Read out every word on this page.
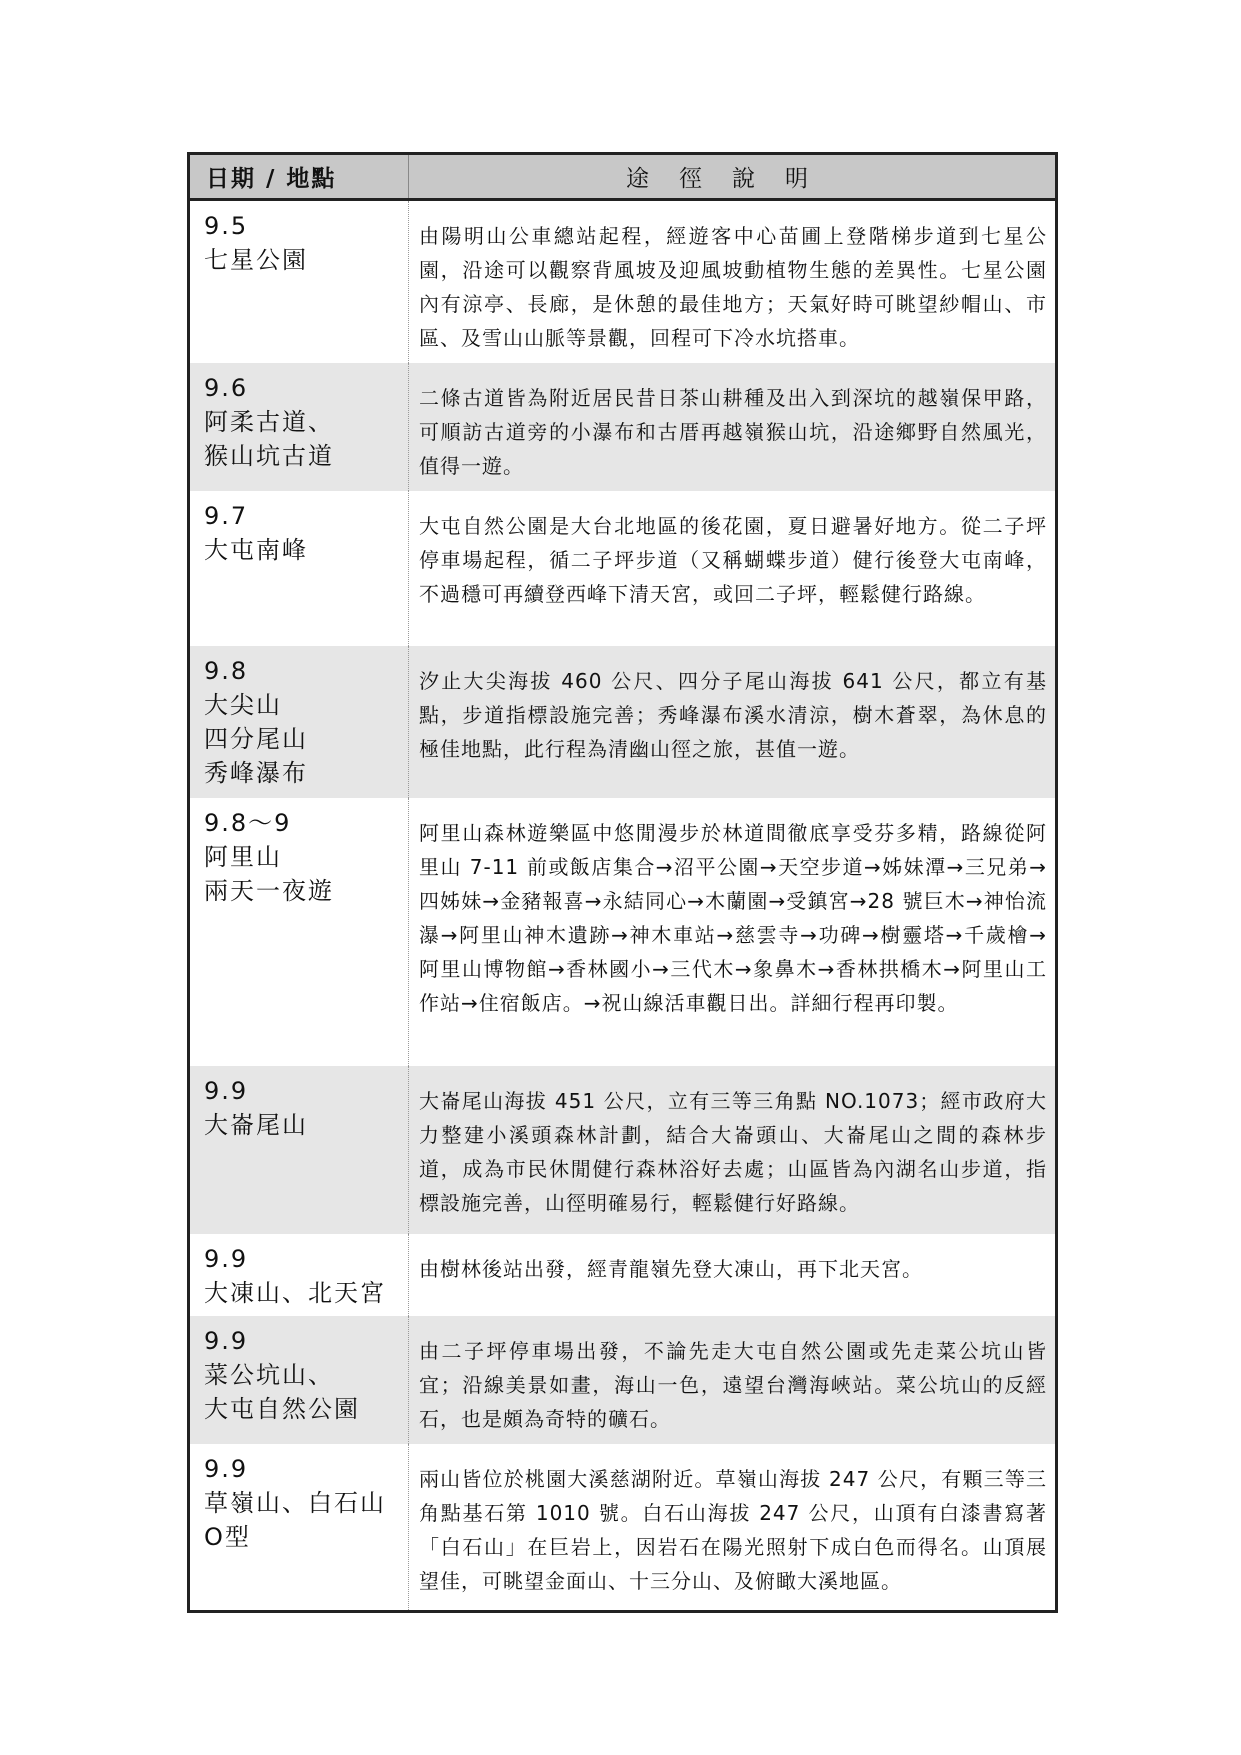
日期 / 地點	途徑說明

9.5
七星公園	由陽明山公車總站起程，經遊客中心苗圃上登階梯步道到七星公園，沿途可以觀察背風坡及迎風坡動植物生態的差異性。七星公園內有涼亭、長廊，是休憩的最佳地方；天氣好時可眺望紗帽山、市區、及雪山山脈等景觀，回程可下冷水坑搭車。

9.6
阿柔古道、
猴山坑古道	二條古道皆為附近居民昔日茶山耕種及出入到深坑的越嶺保甲路，可順訪古道旁的小瀑布和古厝再越嶺猴山坑，沿途鄉野自然風光，值得一遊。

9.7
大屯南峰	大屯自然公園是大台北地區的後花園，夏日避暑好地方。從二子坪停車場起程，循二子坪步道（又稱蝴蝶步道）健行後登大屯南峰，不過穩可再續登西峰下清天宮，或回二子坪，輕鬆健行路線。

9.8
大尖山
四分尾山
秀峰瀑布	汐止大尖海拔 460 公尺、四分子尾山海拔 641 公尺，都立有基點，步道指標設施完善；秀峰瀑布溪水清涼，樹木蒼翠，為休息的極佳地點，此行程為清幽山徑之旅，甚值一遊。

9.8～9
阿里山
兩天一夜遊	阿里山森林遊樂區中悠閒漫步於林道間徹底享受芬多精，路線從阿里山 7-11 前或飯店集合→沼平公園→天空步道→姊妹潭→三兄弟→四姊妹→金豬報喜→永結同心→木蘭園→受鎮宮→28 號巨木→神怡流瀑→阿里山神木遺跡→神木車站→慈雲寺→功碑→樹靈塔→千歲檜→阿里山博物館→香林國小→三代木→象鼻木→香林拱橋木→阿里山工作站→住宿飯店。→祝山線活車觀日出。詳細行程再印製。

9.9
大崙尾山	大崙尾山海拔 451 公尺，立有三等三角點 NO.1073；經市政府大力整建小溪頭森林計劃，結合大崙頭山、大崙尾山之間的森林步道，成為市民休閒健行森林浴好去處；山區皆為內湖名山步道，指標設施完善，山徑明確易行，輕鬆健行好路線。

9.9
大凍山、北天宮	由樹林後站出發，經青龍嶺先登大凍山，再下北天宮。

9.9
菜公坑山、
大屯自然公園	由二子坪停車場出發，不論先走大屯自然公園或先走菜公坑山皆宜；沿線美景如畫，海山一色，遠望台灣海峽站。菜公坑山的反經石，也是頗為奇特的礦石。

9.9
草嶺山、白石山
O型	兩山皆位於桃園大溪慈湖附近。草嶺山海拔 247 公尺，有顆三等三角點基石第 1010 號。白石山海拔 247 公尺，山頂有白漆書寫著「白石山」在巨岩上，因岩石在陽光照射下成白色而得名。山頂展望佳，可眺望金面山、十三分山、及俯瞰大溪地區。
